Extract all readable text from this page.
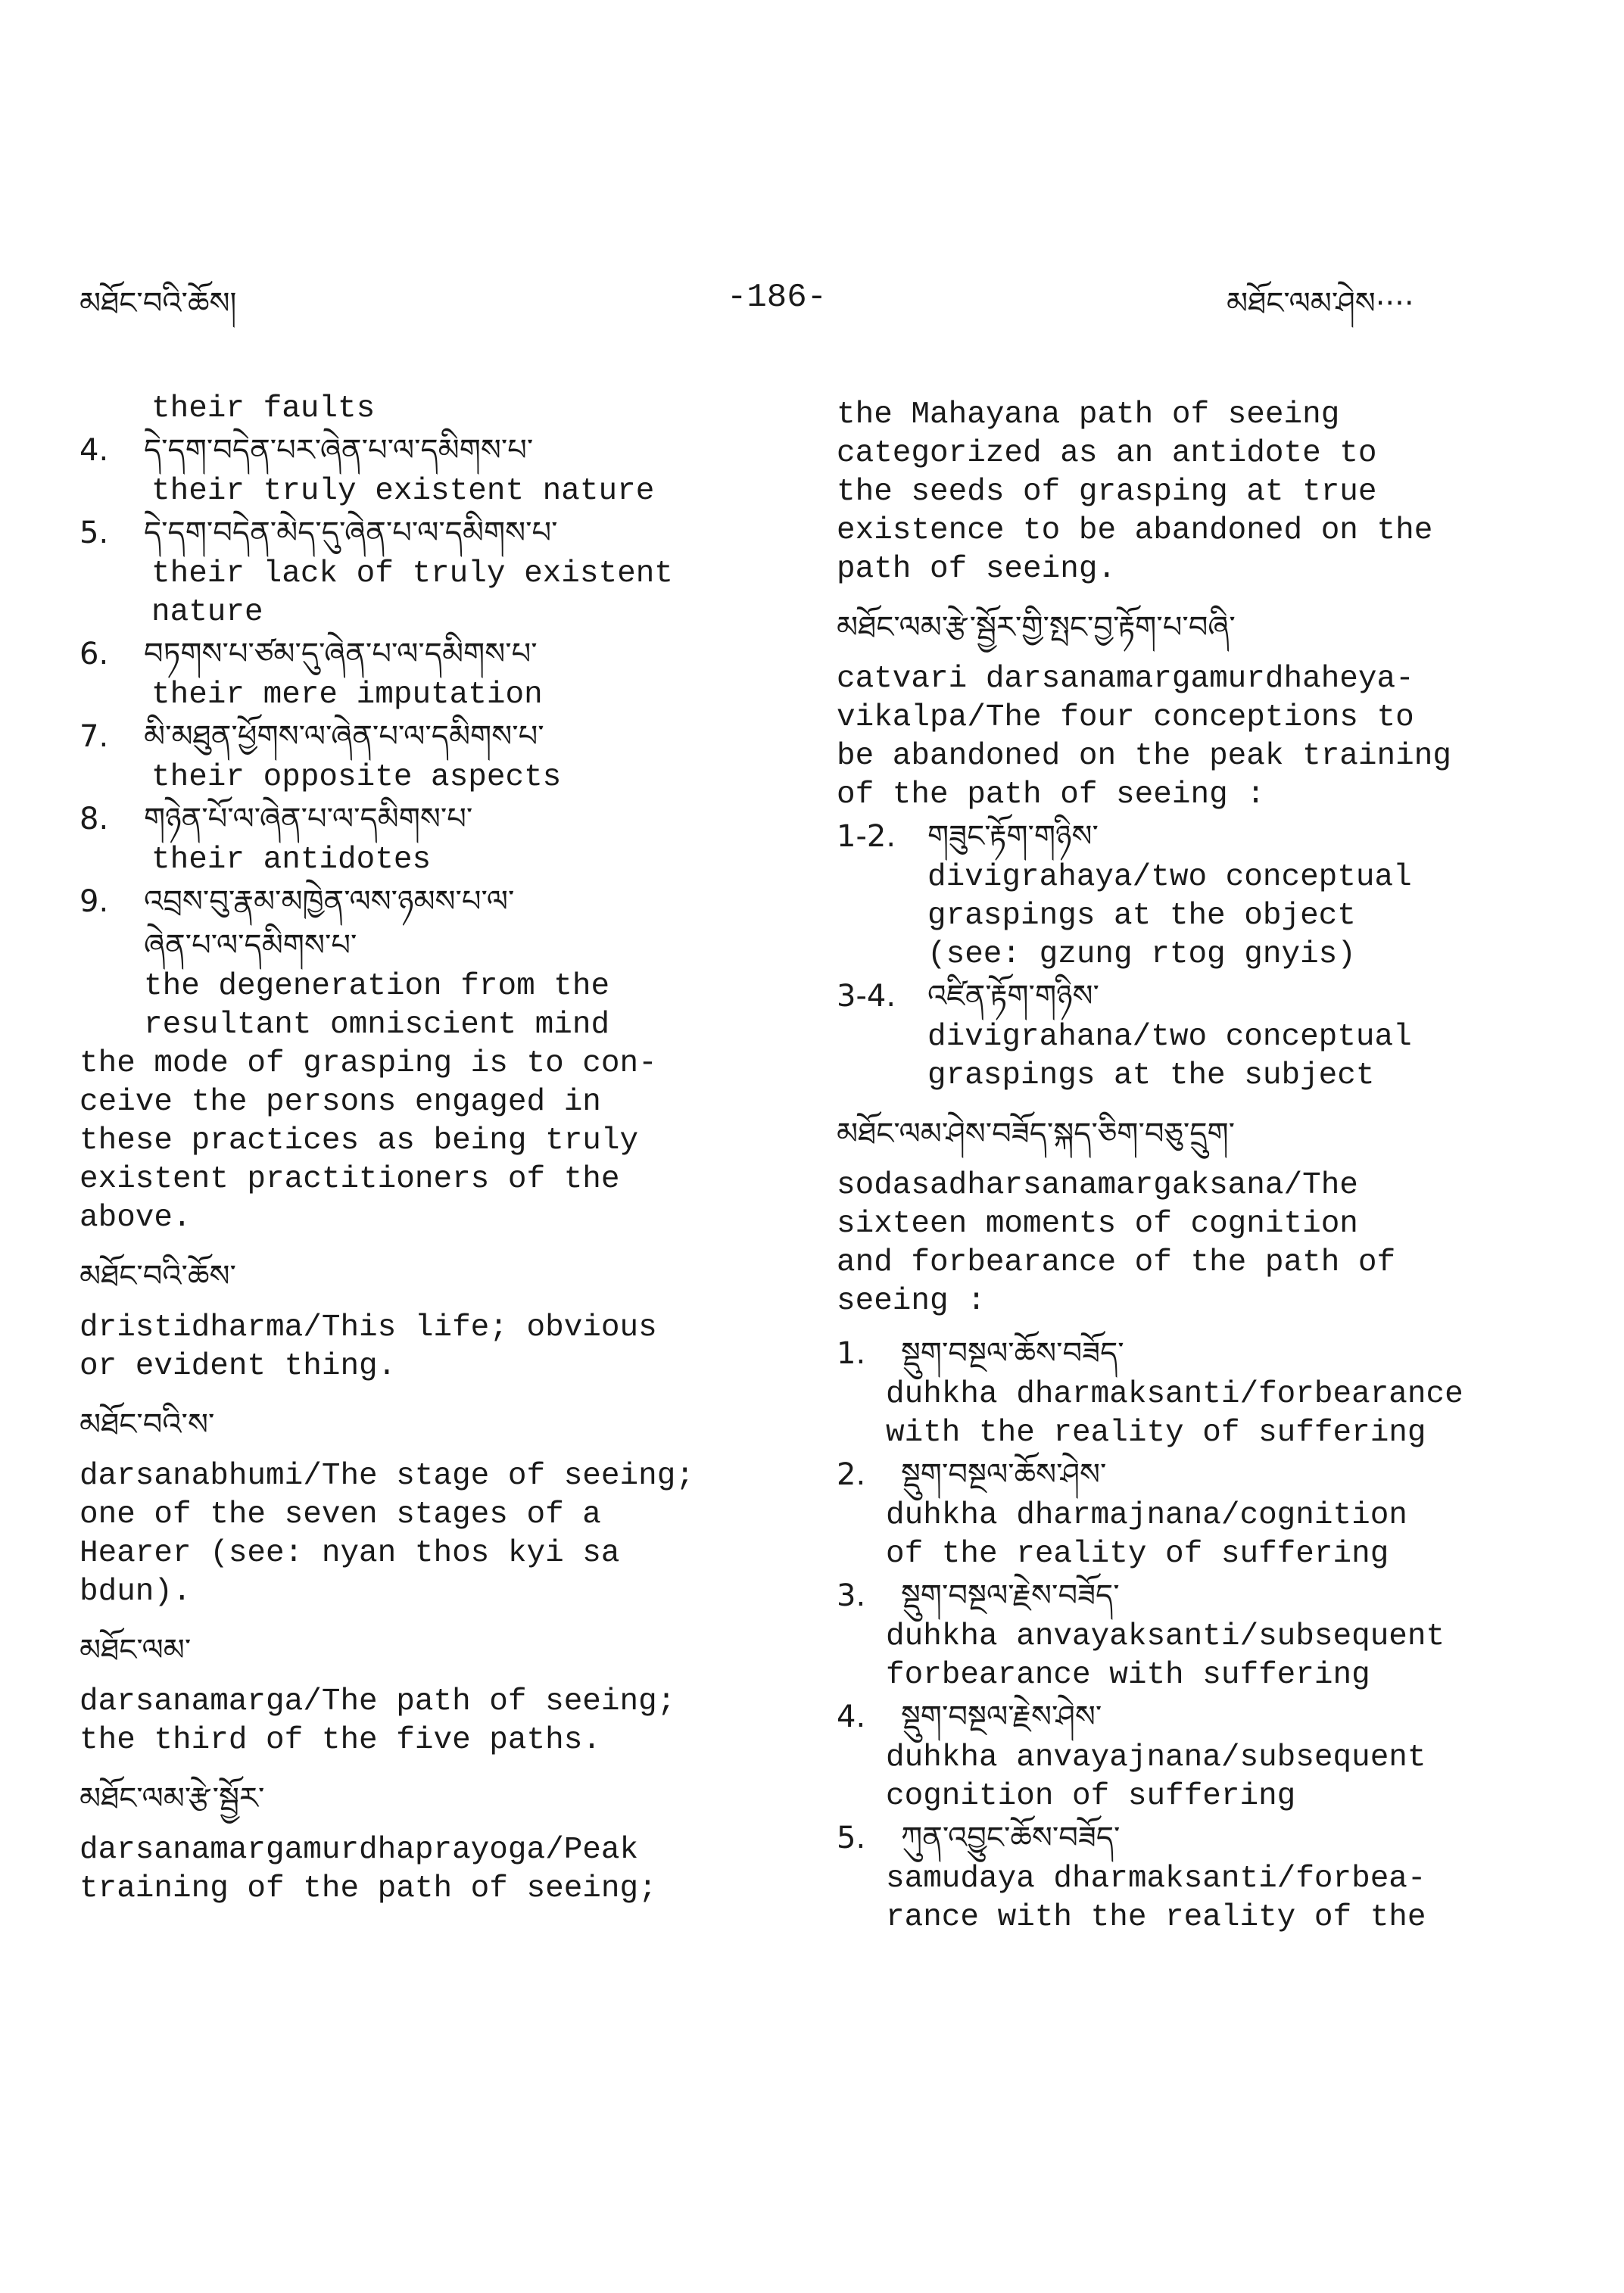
མཐོང་བའི་ཆོས།	-186-	མཐོང་ལམ་ཤེས····

their faults

4. དེ་དག་བདེན་པར་ཞེན་པ་ལ་དམིགས་པ་

their truly existent nature

5. དེ་དག་བདེན་མེད་དུ་ཞེན་པ་ལ་དམིགས་པ་

their lack of truly existent

nature

6. བཏགས་པ་ཙམ་དུ་ཞེན་པ་ལ་དམིགས་པ་

their mere imputation

7. མི་མཐུན་ཕྱོགས་ལ་ཞེན་པ་ལ་དམིགས་པ་

their opposite aspects

8. གཉེན་པོ་ལ་ཞེན་པ་ལ་དམིགས་པ་

their antidotes

9. འབྲས་བུ་རྣམ་མཁྱེན་ལས་ཉམས་པ་ལ་
ཞེན་པ་ལ་དམིགས་པ་

the degeneration from the

resultant omniscient mind

the mode of grasping is to con-

ceive the persons engaged in

these practices as being truly

existent practitioners of the

above.

མཐོང་བའི་ཆོས་

dristidharma/This life; obvious

or evident thing.

མཐོང་བའི་ས་

darsanabhumi/The stage of seeing;

one of the seven stages of a

Hearer (see: nyan thos kyi sa

bdun).

མཐོང་ལམ་

darsanamarga/The path of seeing;

the third of the five paths.

མཐོང་ལམ་རྩེ་སྦྱོར་

darsanamargamurdhaprayoga/Peak

training of the path of seeing;

the Mahayana path of seeing

categorized as an antidote to

the seeds of grasping at true

existence to be abandoned on the

path of seeing.

མཐོང་ལམ་རྩེ་སྦྱོར་གྱི་སྤང་བྱ་རྟོག་པ་བཞི་

catvari darsanamargamurdhaheya-

vikalpa/The four conceptions to

be abandoned on the peak training

of the path of seeing :

1-2. གཟུང་རྟོག་གཉིས་

divigrahaya/two conceptual

graspings at the object

(see: gzung rtog gnyis)

3-4. འཛིན་རྟོག་གཉིས་

divigrahana/two conceptual

graspings at the subject

མཐོང་ལམ་ཤེས་བཟོད་སྐད་ཅིག་བཅུ་དྲུག་

sodasadharsanamargaksana/The

sixteen moments of cognition

and forbearance of the path of

seeing :

1. སྡུག་བསྔལ་ཆོས་བཟོད་

duhkha dharmaksanti/forbearance

with the reality of suffering

2. སྡུག་བསྔལ་ཆོས་ཤེས་

duhkha dharmajnana/cognition

of the reality of suffering

3. སྡུག་བསྔལ་རྗེས་བཟོད་

duhkha anvayaksanti/subsequent

forbearance with suffering

4. སྡུག་བསྔལ་རྗེས་ཤེས་

duhkha anvayajnana/subsequent

cognition of suffering

5. ཀུན་འབྱུང་ཆོས་བཟོད་

samudaya dharmaksanti/forbea-

rance with the reality of the
